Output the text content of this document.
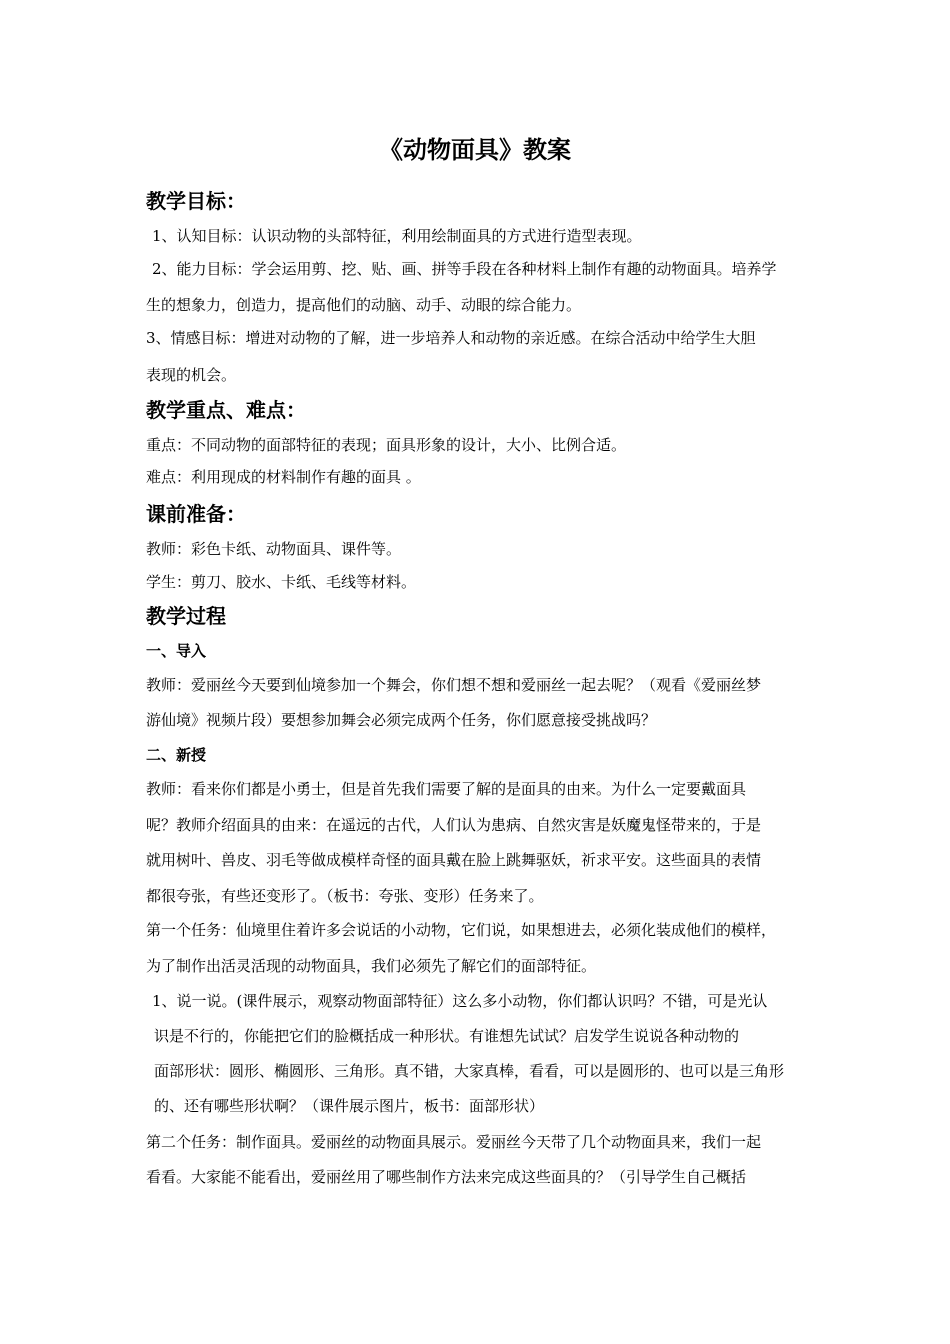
《动物面具》教案
教学目标：
1、认知目标：认识动物的头部特征，利用绘制面具的方式进行造型表现。
2、能力目标：学会运用剪、挖、贴、画、拼等手段在各种材料上制作有趣的动物面具。培养学
生的想象力，创造力，提高他们的动脑、动手、动眼的综合能力。
3、情感目标：增进对动物的了解，进一步培养人和动物的亲近感。在综合活动中给学生大胆
表现的机会。
教学重点、难点：
重点：不同动物的面部特征的表现；面具形象的设计，大小、比例合适。
难点：利用现成的材料制作有趣的面具 。
课前准备：
教师：彩色卡纸、动物面具、课件等。
学生：剪刀、胶水、卡纸、毛线等材料。
教学过程
一、导入
教师：爱丽丝今天要到仙境参加一个舞会，你们想不想和爱丽丝一起去呢？（观看《爱丽丝梦
游仙境》视频片段）要想参加舞会必须完成两个任务，你们愿意接受挑战吗？
二、新授
教师：看来你们都是小勇士，但是首先我们需要了解的是面具的由来。为什么一定要戴面具
呢？教师介绍面具的由来：在遥远的古代，人们认为患病、自然灾害是妖魔鬼怪带来的，于是
就用树叶、兽皮、羽毛等做成模样奇怪的面具戴在脸上跳舞驱妖，祈求平安。这些面具的表情
都很夸张，有些还变形了。（板书：夸张、变形）任务来了。
第一个任务：仙境里住着许多会说话的小动物，它们说，如果想进去，必须化装成他们的模样，
为了制作出活灵活现的动物面具，我们必须先了解它们的面部特征。
1、说一说。(课件展示，观察动物面部特征）这么多小动物，你们都认识吗？不错，可是光认
识是不行的，你能把它们的脸概括成一种形状。有谁想先试试？启发学生说说各种动物的
面部形状：圆形、椭圆形、三角形。真不错，大家真棒，看看，可以是圆形的、也可以是三角形
的、还有哪些形状啊？（课件展示图片，板书：面部形状）
第二个任务：制作面具。爱丽丝的动物面具展示。爱丽丝今天带了几个动物面具来，我们一起
看看。大家能不能看出，爱丽丝用了哪些制作方法来完成这些面具的？（引导学生自己概括
